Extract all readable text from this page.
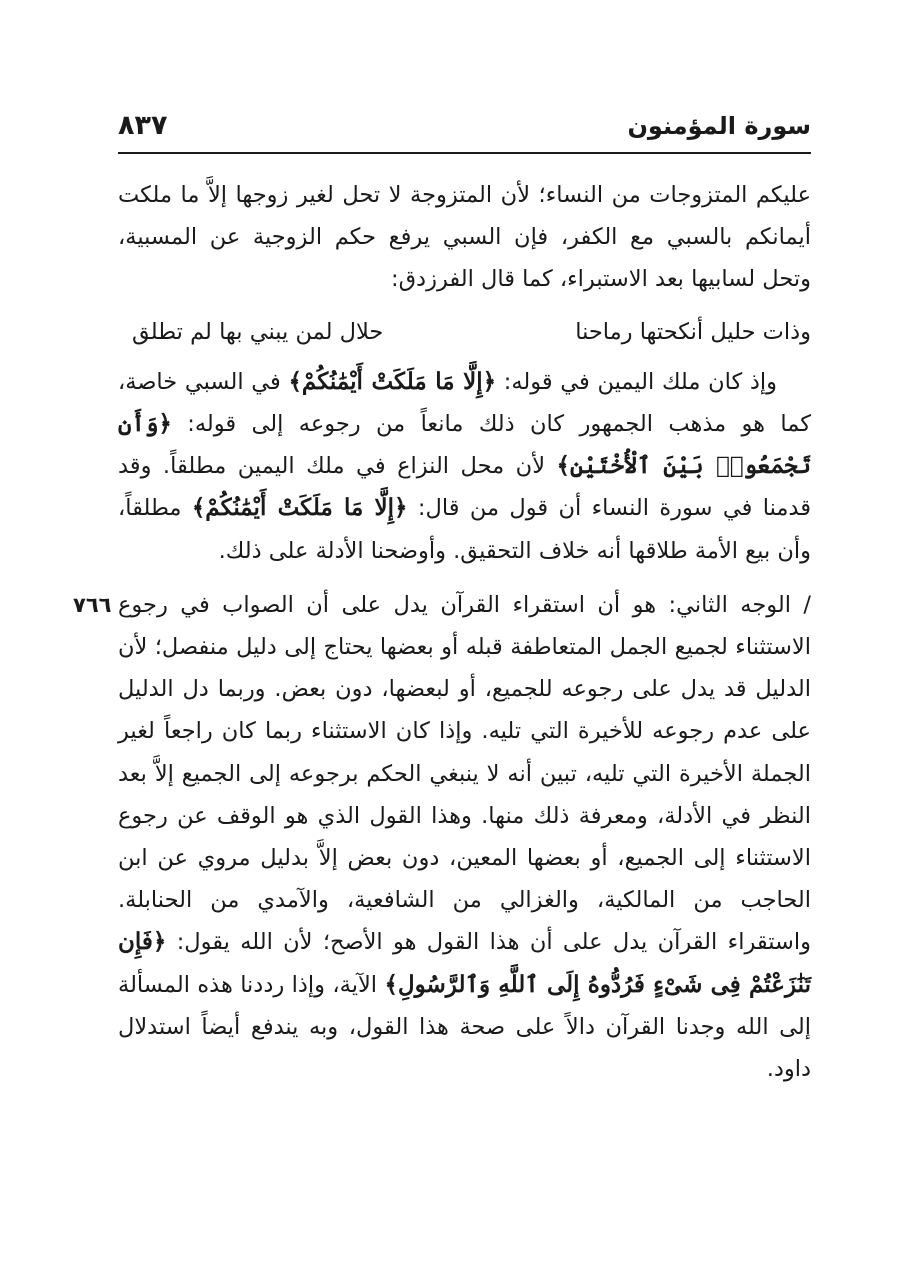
سورة المؤمنون
٨٣٧

عليكم المتزوجات من النساء؛ لأن المتزوجة لا تحل لغير زوجها إلاَّ ما ملكت أيمانكم بالسبي مع الكفر، فإن السبي يرفع حكم الزوجية عن المسبية، وتحل لسابيها بعد الاستبراء، كما قال الفرزدق:

وذات حليل أنكحتها رماحنا
حلال لمن يبني بها لم تطلق

وإذ كان ملك اليمين في قوله: ﴿إِلَّا مَا مَلَكَتْ أَيْمَٰنُكُمْ﴾ في السبي خاصة، كما هو مذهب الجمهور كان ذلك مانعاً من رجوعه إلى قوله: ﴿وَأَن تَجْمَعُوا۟ بَيْنَ ٱلْأُخْتَيْنِ﴾ لأن محل النزاع في ملك اليمين مطلقاً. وقد قدمنا في سورة النساء أن قول من قال: ﴿إِلَّا مَا مَلَكَتْ أَيْمَٰنُكُمْ﴾ مطلقاً، وأن بيع الأمة طلاقها أنه خلاف التحقيق. وأوضحنا الأدلة على ذلك.

٧٦٦ / الوجه الثاني: هو أن استقراء القرآن يدل على أن الصواب في رجوع الاستثناء لجميع الجمل المتعاطفة قبله أو بعضها يحتاج إلى دليل منفصل؛ لأن الدليل قد يدل على رجوعه للجميع، أو لبعضها، دون بعض. وربما دل الدليل على عدم رجوعه للأخيرة التي تليه. وإذا كان الاستثناء ربما كان راجعاً لغير الجملة الأخيرة التي تليه، تبين أنه لا ينبغي الحكم برجوعه إلى الجميع إلاَّ بعد النظر في الأدلة، ومعرفة ذلك منها. وهذا القول الذي هو الوقف عن رجوع الاستثناء إلى الجميع، أو بعضها المعين، دون بعض إلاَّ بدليل مروي عن ابن الحاجب من المالكية، والغزالي من الشافعية، والآمدي من الحنابلة. واستقراء القرآن يدل على أن هذا القول هو الأصح؛ لأن الله يقول: ﴿فَإِن تَنَٰزَعْتُمْ فِى شَىْءٍ فَرُدُّوهُ إِلَى ٱللَّهِ وَٱلرَّسُولِ﴾ الآية، وإذا رددنا هذه المسألة إلى الله وجدنا القرآن دالاً على صحة هذا القول، وبه يندفع أيضاً استدلال داود.
